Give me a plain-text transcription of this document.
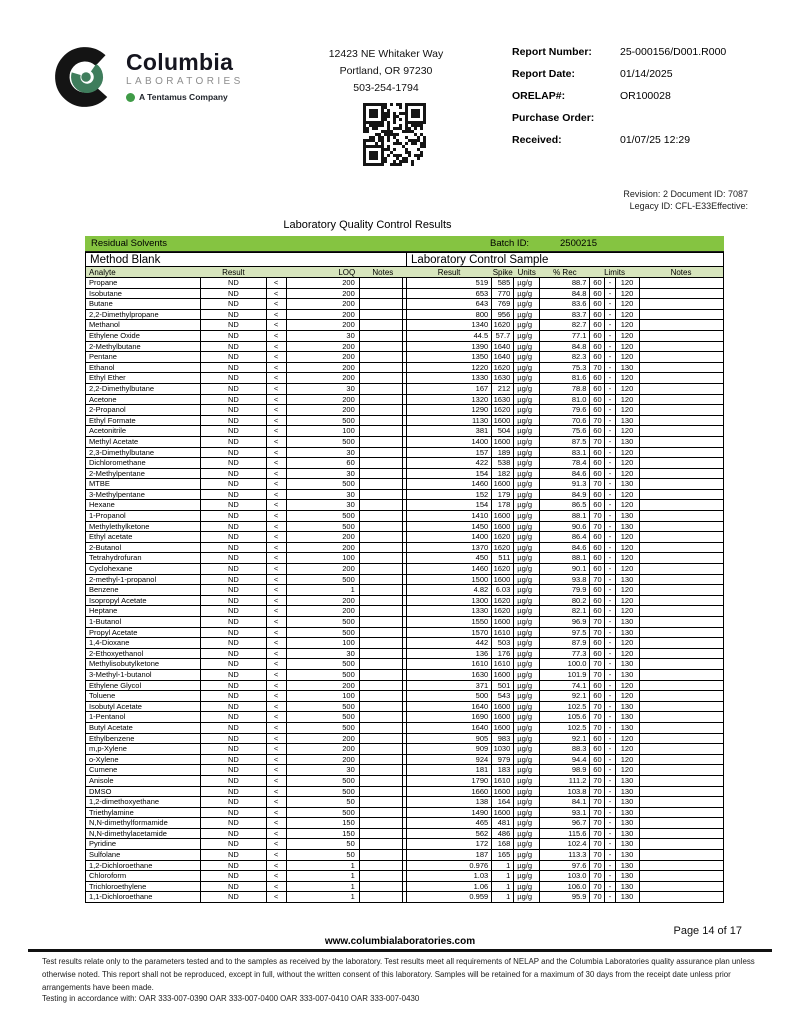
Columbia
LABORATORIES
A Tentamus Company
12423 NE Whitaker Way
Portland, OR 97230
503-254-1794
Report Number:	25-000156/D001.R000
Report Date:	01/14/2025
ORELAP#:	OR100028
Purchase Order:
Received:	01/07/25 12:29
Revision: 2 Document ID: 7087
Legacy ID: CFL-E33Effective:
Laboratory Quality Control Results
Residual Solvents	Batch ID:	2500215
Method Blank						Laboratory Control Sample							
Analyte	Result		LOQ	Notes		Result	Spike	Units	% Rec	Limits			Notes
Propane	ND	<	200			519	585	µg/g	88.7	60	-	120	
Isobutane	ND	<	200			653	770	µg/g	84.8	60	-	120	
Butane	ND	<	200			643	769	µg/g	83.6	60	-	120	
2,2-Dimethylpropane	ND	<	200			800	956	µg/g	83.7	60	-	120	
Methanol	ND	<	200			1340	1620	µg/g	82.7	60	-	120	
Ethylene Oxide	ND	<	30			44.5	57.7	µg/g	77.1	60	-	120	
2-Methylbutane	ND	<	200			1390	1640	µg/g	84.8	60	-	120	
Pentane	ND	<	200			1350	1640	µg/g	82.3	60	-	120	
Ethanol	ND	<	200			1220	1620	µg/g	75.3	70	-	130	
Ethyl Ether	ND	<	200			1330	1630	µg/g	81.6	60	-	120	
2,2-Dimethylbutane	ND	<	30			167	212	µg/g	78.8	60	-	120	
Acetone	ND	<	200			1320	1630	µg/g	81.0	60	-	120	
2-Propanol	ND	<	200			1290	1620	µg/g	79.6	60	-	120	
Ethyl Formate	ND	<	500			1130	1600	µg/g	70.6	70	-	130	
Acetonitrile	ND	<	100			381	504	µg/g	75.6	60	-	120	
Methyl Acetate	ND	<	500			1400	1600	µg/g	87.5	70	-	130	
2,3-Dimethylbutane	ND	<	30			157	189	µg/g	83.1	60	-	120	
Dichloromethane	ND	<	60			422	538	µg/g	78.4	60	-	120	
2-Methylpentane	ND	<	30			154	182	µg/g	84.6	60	-	120	
MTBE	ND	<	500			1460	1600	µg/g	91.3	70	-	130	
3-Methylpentane	ND	<	30			152	179	µg/g	84.9	60	-	120	
Hexane	ND	<	30			154	178	µg/g	86.5	60	-	120	
1-Propanol	ND	<	500			1410	1600	µg/g	88.1	70	-	130	
Methylethylketone	ND	<	500			1450	1600	µg/g	90.6	70	-	130	
Ethyl acetate	ND	<	200			1400	1620	µg/g	86.4	60	-	120	
2-Butanol	ND	<	200			1370	1620	µg/g	84.6	60	-	120	
Tetrahydrofuran	ND	<	100			450	511	µg/g	88.1	60	-	120	
Cyclohexane	ND	<	200			1460	1620	µg/g	90.1	60	-	120	
2-methyl-1-propanol	ND	<	500			1500	1600	µg/g	93.8	70	-	130	
Benzene	ND	<	1			4.82	6.03	µg/g	79.9	60	-	120	
Isopropyl Acetate	ND	<	200			1300	1620	µg/g	80.2	60	-	120	
Heptane	ND	<	200			1330	1620	µg/g	82.1	60	-	120	
1-Butanol	ND	<	500			1550	1600	µg/g	96.9	70	-	130	
Propyl Acetate	ND	<	500			1570	1610	µg/g	97.5	70	-	130	
1,4-Dioxane	ND	<	100			442	503	µg/g	87.9	60	-	120	
2-Ethoxyethanol	ND	<	30			136	176	µg/g	77.3	60	-	120	
Methylisobutylketone	ND	<	500			1610	1610	µg/g	100.0	70	-	130	
3-Methyl-1-butanol	ND	<	500			1630	1600	µg/g	101.9	70	-	130	
Ethylene Glycol	ND	<	200			371	501	µg/g	74.1	60	-	120	
Toluene	ND	<	100			500	543	µg/g	92.1	60	-	120	
Isobutyl Acetate	ND	<	500			1640	1600	µg/g	102.5	70	-	130	
1-Pentanol	ND	<	500			1690	1600	µg/g	105.6	70	-	130	
Butyl Acetate	ND	<	500			1640	1600	µg/g	102.5	70	-	130	
Ethylbenzene	ND	<	200			905	983	µg/g	92.1	60	-	120	
m,p-Xylene	ND	<	200			909	1030	µg/g	88.3	60	-	120	
o-Xylene	ND	<	200			924	979	µg/g	94.4	60	-	120	
Cumene	ND	<	30			181	183	µg/g	98.9	60	-	120	
Anisole	ND	<	500			1790	1610	µg/g	111.2	70	-	130	
DMSO	ND	<	500			1660	1600	µg/g	103.8	70	-	130	
1,2-dimethoxyethane	ND	<	50			138	164	µg/g	84.1	70	-	130	
Triethylamine	ND	<	500			1490	1600	µg/g	93.1	70	-	130	
N,N-dimethylformamide	ND	<	150			465	481	µg/g	96.7	70	-	130	
N,N-dimethylacetamide	ND	<	150			562	486	µg/g	115.6	70	-	130	
Pyridine	ND	<	50			172	168	µg/g	102.4	70	-	130	
Sulfolane	ND	<	50			187	165	µg/g	113.3	70	-	130	
1,2-Dichloroethane	ND	<	1			0.976	1	µg/g	97.6	70	-	130	
Chloroform	ND	<	1			1.03	1	µg/g	103.0	70	-	130	
Trichloroethylene	ND	<	1			1.06	1	µg/g	106.0	70	-	130	
1,1-Dichloroethane	ND	<	1			0.959	1	µg/g	95.9	70	-	130	
Page 14 of 17
www.columbialaboratories.com

Test results relate only to the parameters tested and to the samples as received by the laboratory. Test results meet all requirements of NELAP and the Columbia Laboratories quality assurance plan unless otherwise noted. This report shall not be reproduced, except in full, without the written consent of this laboratory. Samples will be retained for a maximum of 30 days from the receipt date unless prior arrangements have been made.

Testing in accordance with: OAR 333-007-0390 OAR 333-007-0400 OAR 333-007-0410 OAR 333-007-0430
